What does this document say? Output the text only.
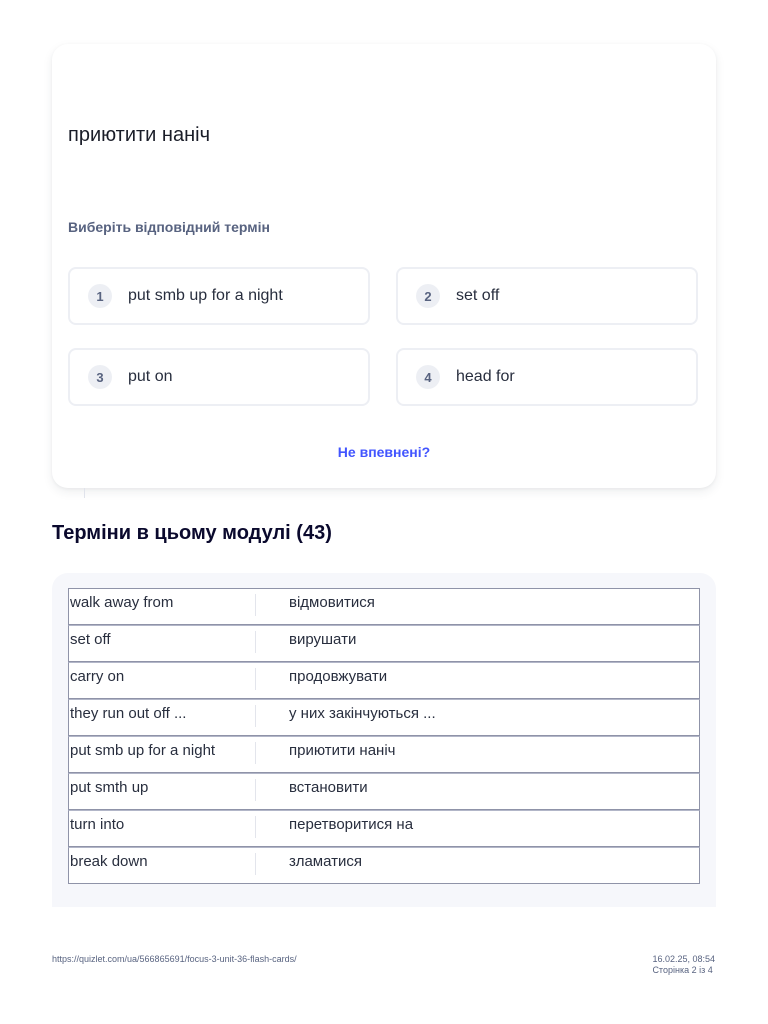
приютити наніч
Виберіть відповідний термін
1	put smb up for a night	2	set off
3	put on	4	head for
Не впевнені?
Терміни в цьому модулі (43)
walk away from	відмовитися
set off	вирушати
carry on	продовжувати
they run out off ...	у них закінчуються ...
put smb up for a night	приютити наніч
put smth up	встановити
turn into	перетворитися на
break down	зламатися
https://quizlet.com/ua/566865691/focus-3-unit-36-flash-cards/	16.02.25, 08:54
Сторінка 2 із 4
